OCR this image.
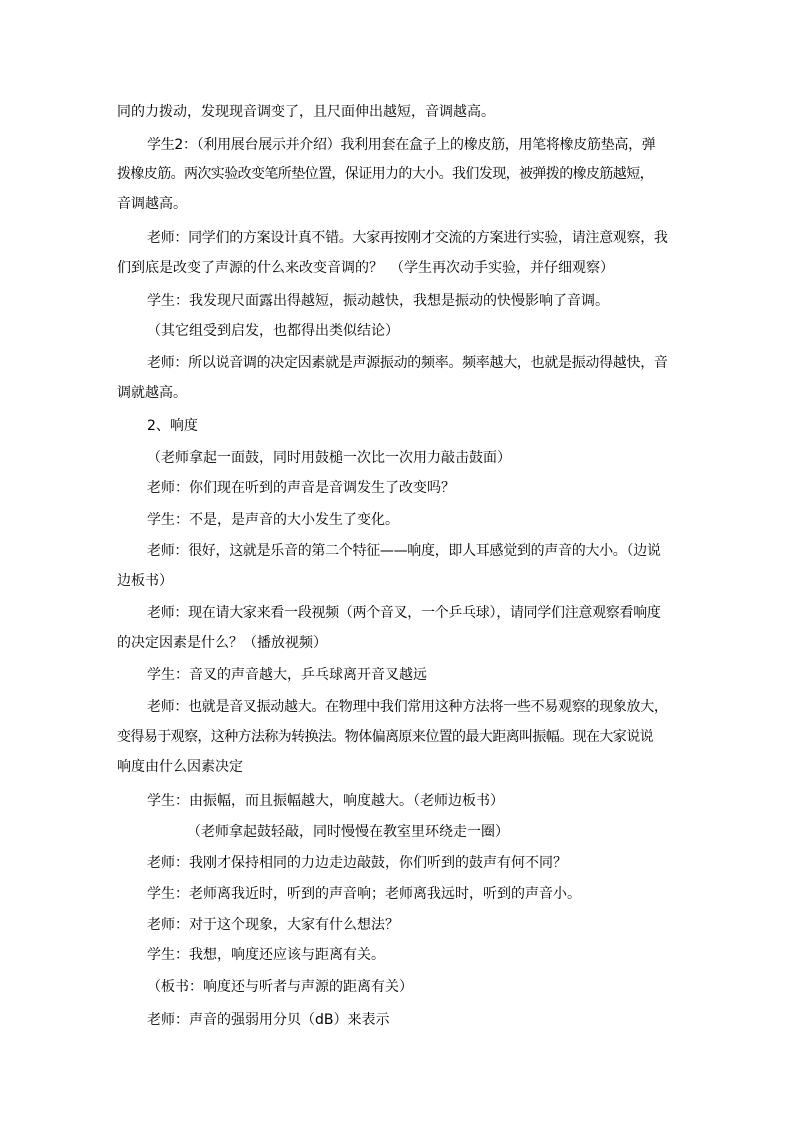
同的力拨动，发现现音调变了，且尺面伸出越短，音调越高。
学生2：（利用展台展示并介绍）我利用套在盒子上的橡皮筋，用笔将橡皮筋垫高，弹
拨橡皮筋。两次实验改变笔所垫位置，保证用力的大小。我们发现，被弹拨的橡皮筋越短，
音调越高。
老师：同学们的方案设计真不错。大家再按刚才交流的方案进行实验，请注意观察，我
们到底是改变了声源的什么来改变音调的？　（学生再次动手实验，并仔细观察）
学生：我发现尺面露出得越短，振动越快，我想是振动的快慢影响了音调。
（其它组受到启发，也都得出类似结论）
老师：所以说音调的决定因素就是声源振动的频率。频率越大，也就是振动得越快，音
调就越高。
2、响度
（老师拿起一面鼓，同时用鼓槌一次比一次用力敲击鼓面）
老师：你们现在听到的声音是音调发生了改变吗？
学生：不是，是声音的大小发生了变化。
老师：很好，这就是乐音的第二个特征——响度，即人耳感觉到的声音的大小。（边说
边板书）
老师：现在请大家来看一段视频（两个音叉，一个乒乓球），请同学们注意观察看响度
的决定因素是什么？（播放视频）
学生：音叉的声音越大，乒乓球离开音叉越远
老师：也就是音叉振动越大。在物理中我们常用这种方法将一些不易观察的现象放大，
变得易于观察，这种方法称为转换法。物体偏离原来位置的最大距离叫振幅。现在大家说说
响度由什么因素决定
学生：由振幅，而且振幅越大，响度越大。（老师边板书）
（老师拿起鼓轻敲，同时慢慢在教室里环绕走一圈）
老师：我刚才保持相同的力边走边敲鼓，你们听到的鼓声有何不同？
学生：老师离我近时，听到的声音响；老师离我远时，听到的声音小。
老师：对于这个现象，大家有什么想法？
学生：我想，响度还应该与距离有关。
（板书：响度还与听者与声源的距离有关）
老师：声音的强弱用分贝（dB）来表示
